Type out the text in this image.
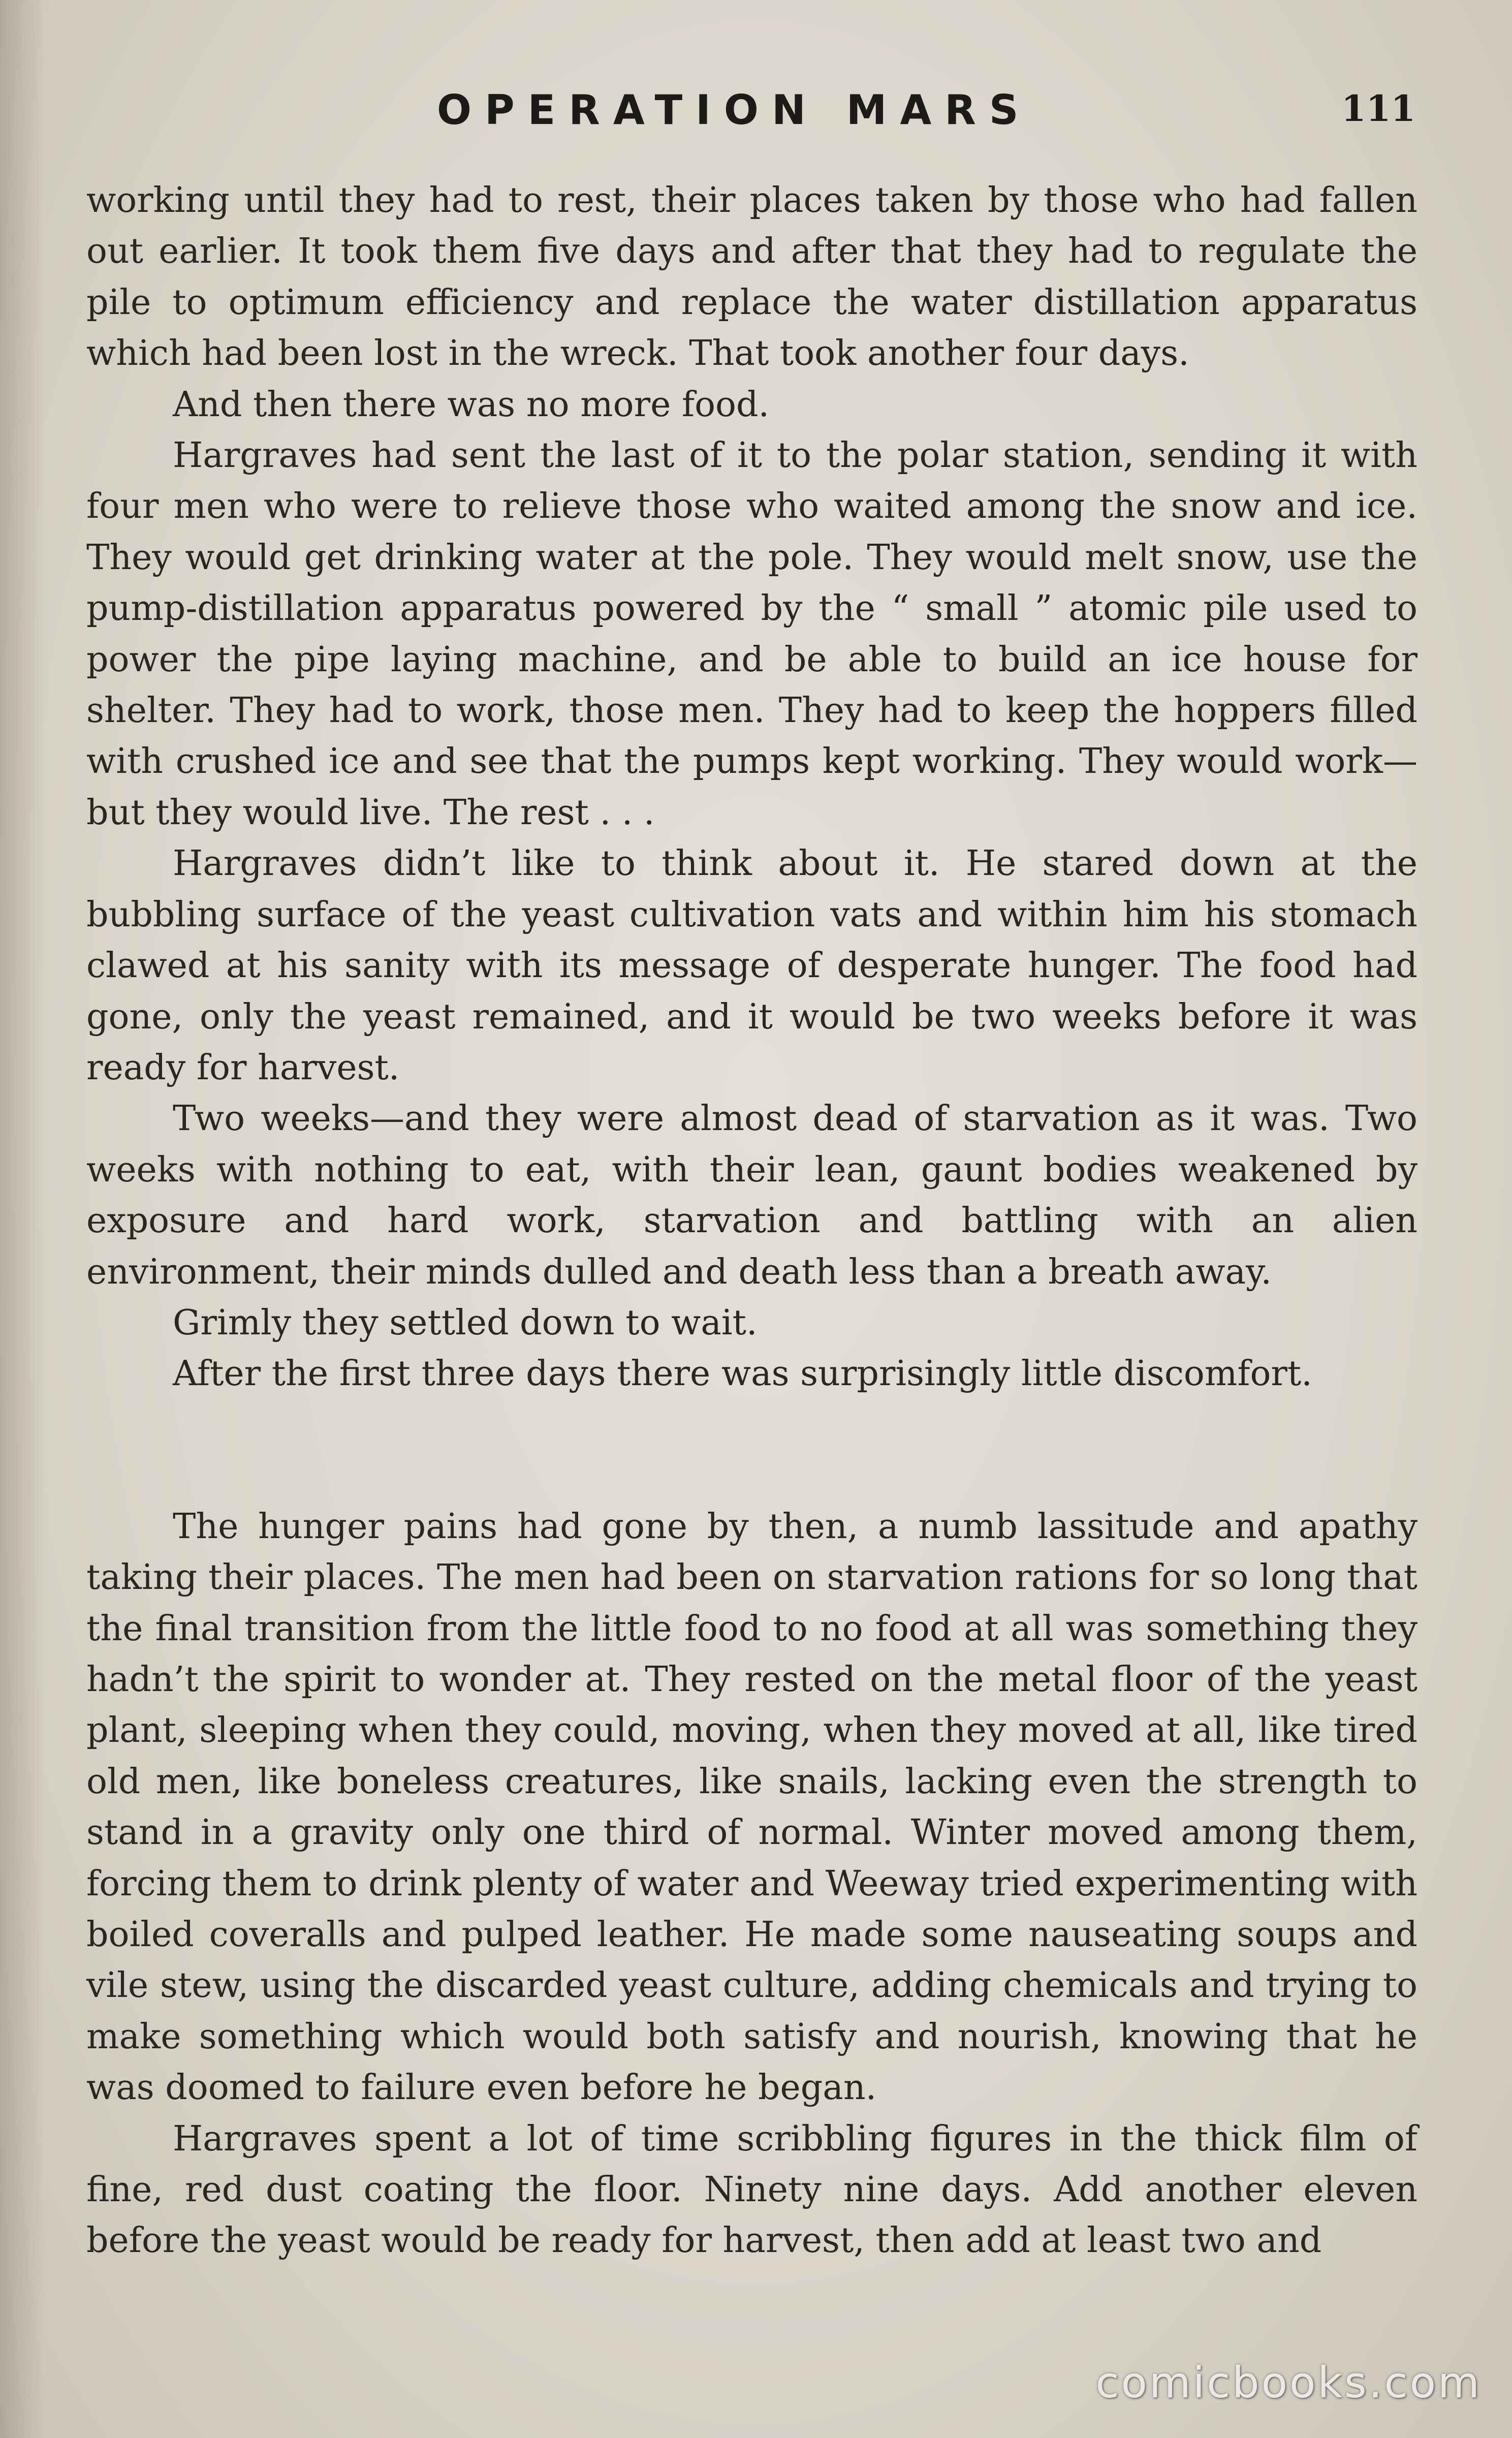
OPERATION MARS	111

working until they had to rest, their places taken by those who had fallen out earlier. It took them five days and after that they had to regulate the pile to optimum efficiency and replace the water distillation apparatus which had been lost in the wreck. That took another four days.

And then there was no more food.

Hargraves had sent the last of it to the polar station, sending it with four men who were to relieve those who waited among the snow and ice. They would get drinking water at the pole. They would melt snow, use the pump-distillation apparatus powered by the “ small ” atomic pile used to power the pipe laying machine, and be able to build an ice house for shelter. They had to work, those men. They had to keep the hoppers filled with crushed ice and see that the pumps kept working. They would work—but they would live. The rest . . .

Hargraves didn’t like to think about it. He stared down at the bubbling surface of the yeast cultivation vats and within him his stomach clawed at his sanity with its message of desperate hunger. The food had gone, only the yeast remained, and it would be two weeks before it was ready for harvest.

Two weeks—and they were almost dead of starvation as it was. Two weeks with nothing to eat, with their lean, gaunt bodies weakened by exposure and hard work, starvation and battling with an alien environment, their minds dulled and death less than a breath away.

Grimly they settled down to wait.

After the first three days there was surprisingly little discomfort.

The hunger pains had gone by then, a numb lassitude and apathy taking their places. The men had been on starvation rations for so long that the final transition from the little food to no food at all was something they hadn’t the spirit to wonder at. They rested on the metal floor of the yeast plant, sleeping when they could, moving, when they moved at all, like tired old men, like boneless creatures, like snails, lacking even the strength to stand in a gravity only one third of normal. Winter moved among them, forcing them to drink plenty of water and Weeway tried experimenting with boiled coveralls and pulped leather. He made some nauseating soups and vile stew, using the discarded yeast culture, adding chemicals and trying to make something which would both satisfy and nourish, knowing that he was doomed to failure even before he began.

Hargraves spent a lot of time scribbling figures in the thick film of fine, red dust coating the floor. Ninety nine days. Add another eleven before the yeast would be ready for harvest, then add at least two and

comicbooks.com
